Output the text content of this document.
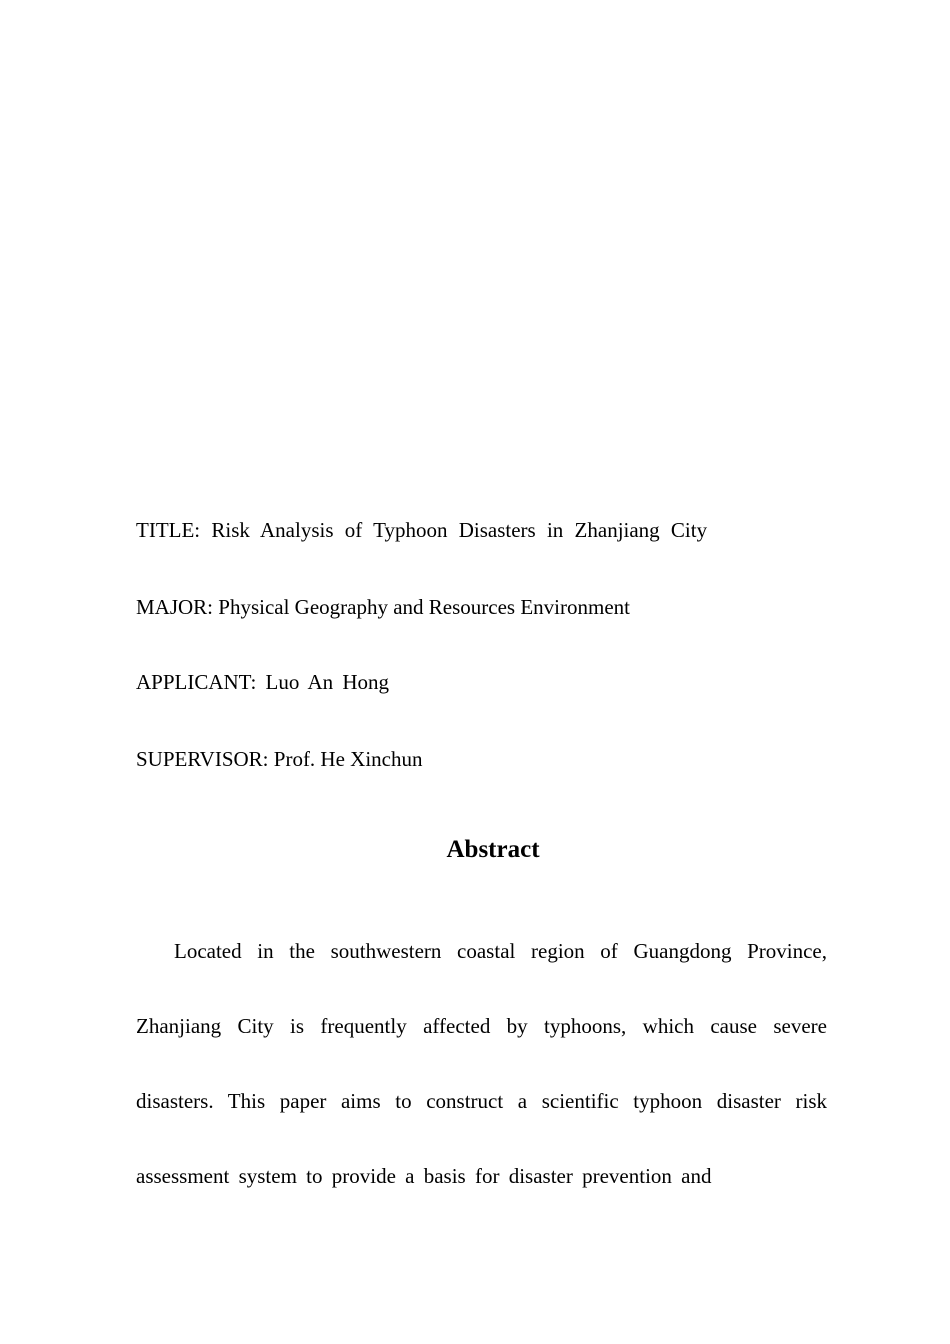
TITLE: Risk Analysis of Typhoon Disasters in Zhanjiang City
MAJOR: Physical Geography and Resources Environment
APPLICANT: Luo An Hong
SUPERVISOR: Prof. He Xinchun
Abstract

Located in the southwestern coastal region of Guangdong Province, Zhanjiang City is frequently affected by typhoons, which cause severe disasters. This paper aims to construct a scientific typhoon disaster risk assessment system to provide a basis for disaster prevention and
